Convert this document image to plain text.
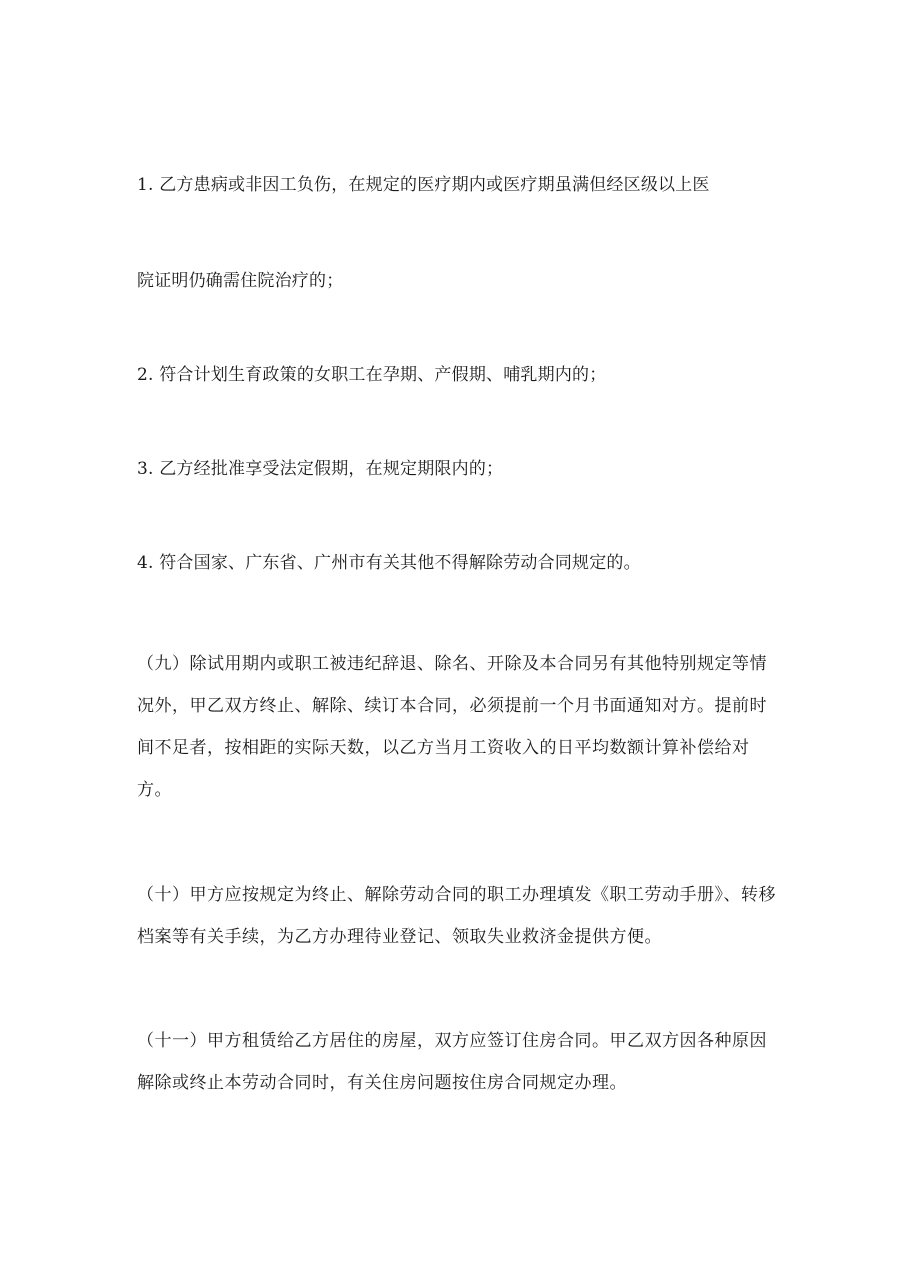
1. 乙方患病或非因工负伤，在规定的医疗期内或医疗期虽满但经区级以上医
院证明仍确需住院治疗的；
2. 符合计划生育政策的女职工在孕期、产假期、哺乳期内的；
3. 乙方经批准享受法定假期，在规定期限内的；
4. 符合国家、广东省、广州市有关其他不得解除劳动合同规定的。
（九）除试用期内或职工被违纪辞退、除名、开除及本合同另有其他特别规定等情
况外，甲乙双方终止、解除、续订本合同，必须提前一个月书面通知对方。提前时
间不足者，按相距的实际天数，以乙方当月工资收入的日平均数额计算补偿给对
方。
（十）甲方应按规定为终止、解除劳动合同的职工办理填发《职工劳动手册》、转移
档案等有关手续，为乙方办理待业登记、领取失业救济金提供方便。
（十一）甲方租赁给乙方居住的房屋，双方应签订住房合同。甲乙双方因各种原因
解除或终止本劳动合同时，有关住房问题按住房合同规定办理。
